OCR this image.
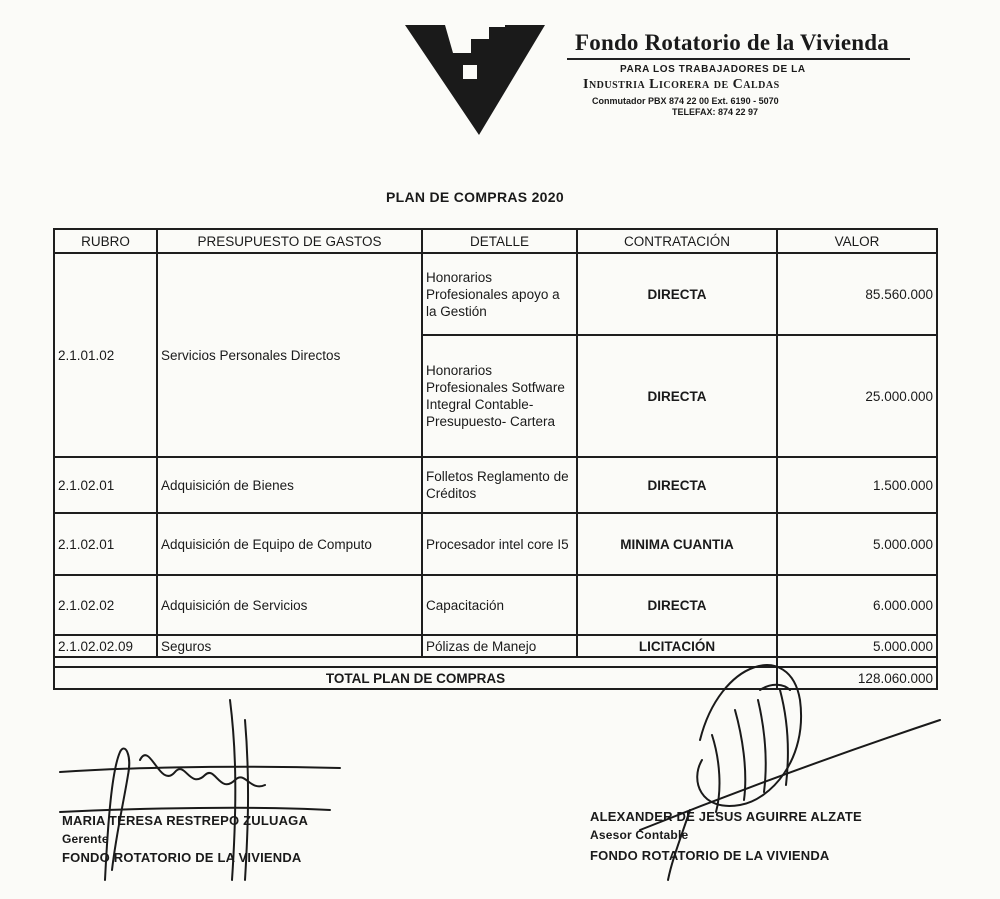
Fondo Rotatorio de la Vivienda
PARA LOS TRABAJADORES DE LA
Industria Licorera de Caldas
Conmutador PBX 874 22 00 Ext. 6190 - 5070
TELEFAX: 874 22 97
PLAN DE COMPRAS 2020
RUBRO	PRESUPUESTO DE GASTOS	DETALLE	CONTRATACIÓN	VALOR
2.1.01.02	Servicios Personales Directos	Honorarios Profesionales apoyo a la Gestión	DIRECTA	85.560.000
		Honorarios Profesionales Sotfware Integral Contable- Presupuesto- Cartera	DIRECTA	25.000.000
2.1.02.01	Adquisición de Bienes	Folletos Reglamento de Créditos	DIRECTA	1.500.000
2.1.02.01	Adquisición de Equipo de Computo	Procesador intel core I5	MINIMA CUANTIA	5.000.000
2.1.02.02	Adquisición de Servicios	Capacitación	DIRECTA	6.000.000
2.1.02.02.09	Seguros	Pólizas de Manejo	LICITACIÓN	5.000.000

TOTAL PLAN DE COMPRAS				128.060.000
MARIA TERESA RESTREPO ZULUAGA
Gerente
FONDO ROTATORIO DE LA VIVIENDA
ALEXANDER DE JESUS AGUIRRE ALZATE
Asesor Contable
FONDO ROTATORIO DE LA VIVIENDA
